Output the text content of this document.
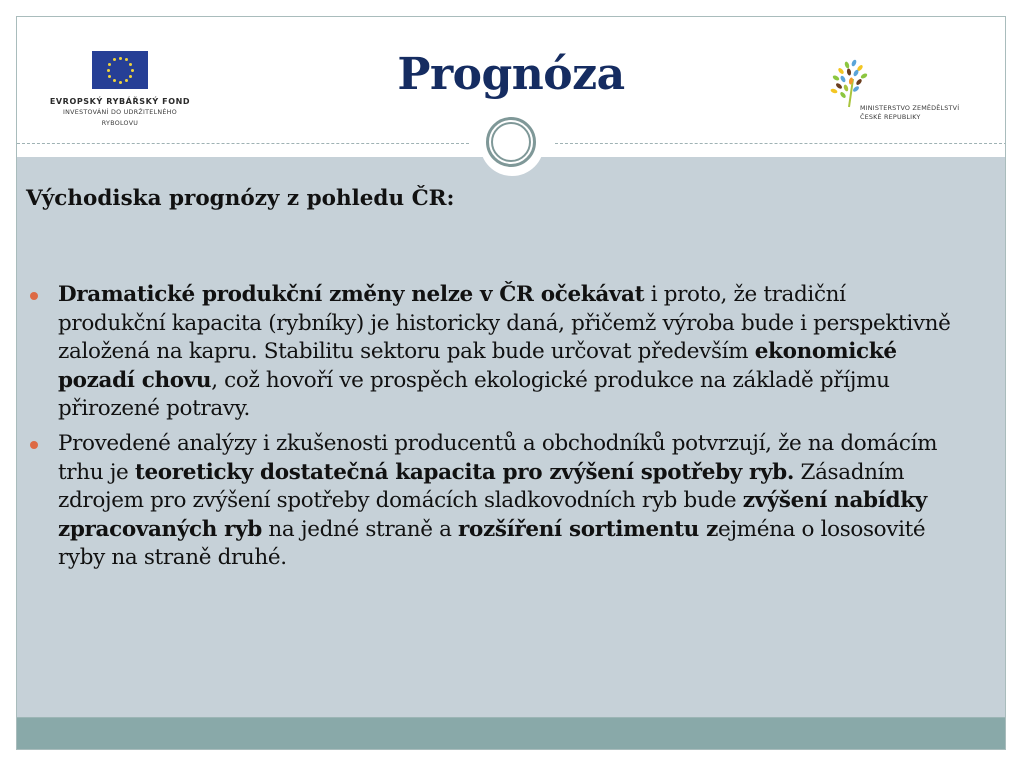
EVROPSKÝ RYBÁŘSKÝ FOND
INVESTOVÁNÍ DO UDRŽITELNÉHO
RYBOLOVU
Prognóza
MINISTERSTVO ZEMĚDĚLSTVÍ
ČESKÉ REPUBLIKY
Východiska prognózy z pohledu ČR:
Dramatické produkční změny nelze v ČR očekávat i proto, že tradiční produkční kapacita (rybníky) je historicky daná, přičemž výroba bude i perspektivně založená na kapru. Stabilitu sektoru pak bude určovat především ekonomické pozadí chovu, což hovoří ve prospěch ekologické produkce na základě příjmu přirozené potravy.
Provedené analýzy i zkušenosti producentů a obchodníků potvrzují, že na domácím trhu je teoreticky dostatečná kapacita pro zvýšení spotřeby ryb. Zásadním zdrojem pro zvýšení spotřeby domácích sladkovodních ryb bude zvýšení nabídky zpracovaných ryb na jedné straně a rozšíření sortimentu zejména o lososovité ryby na straně druhé.
